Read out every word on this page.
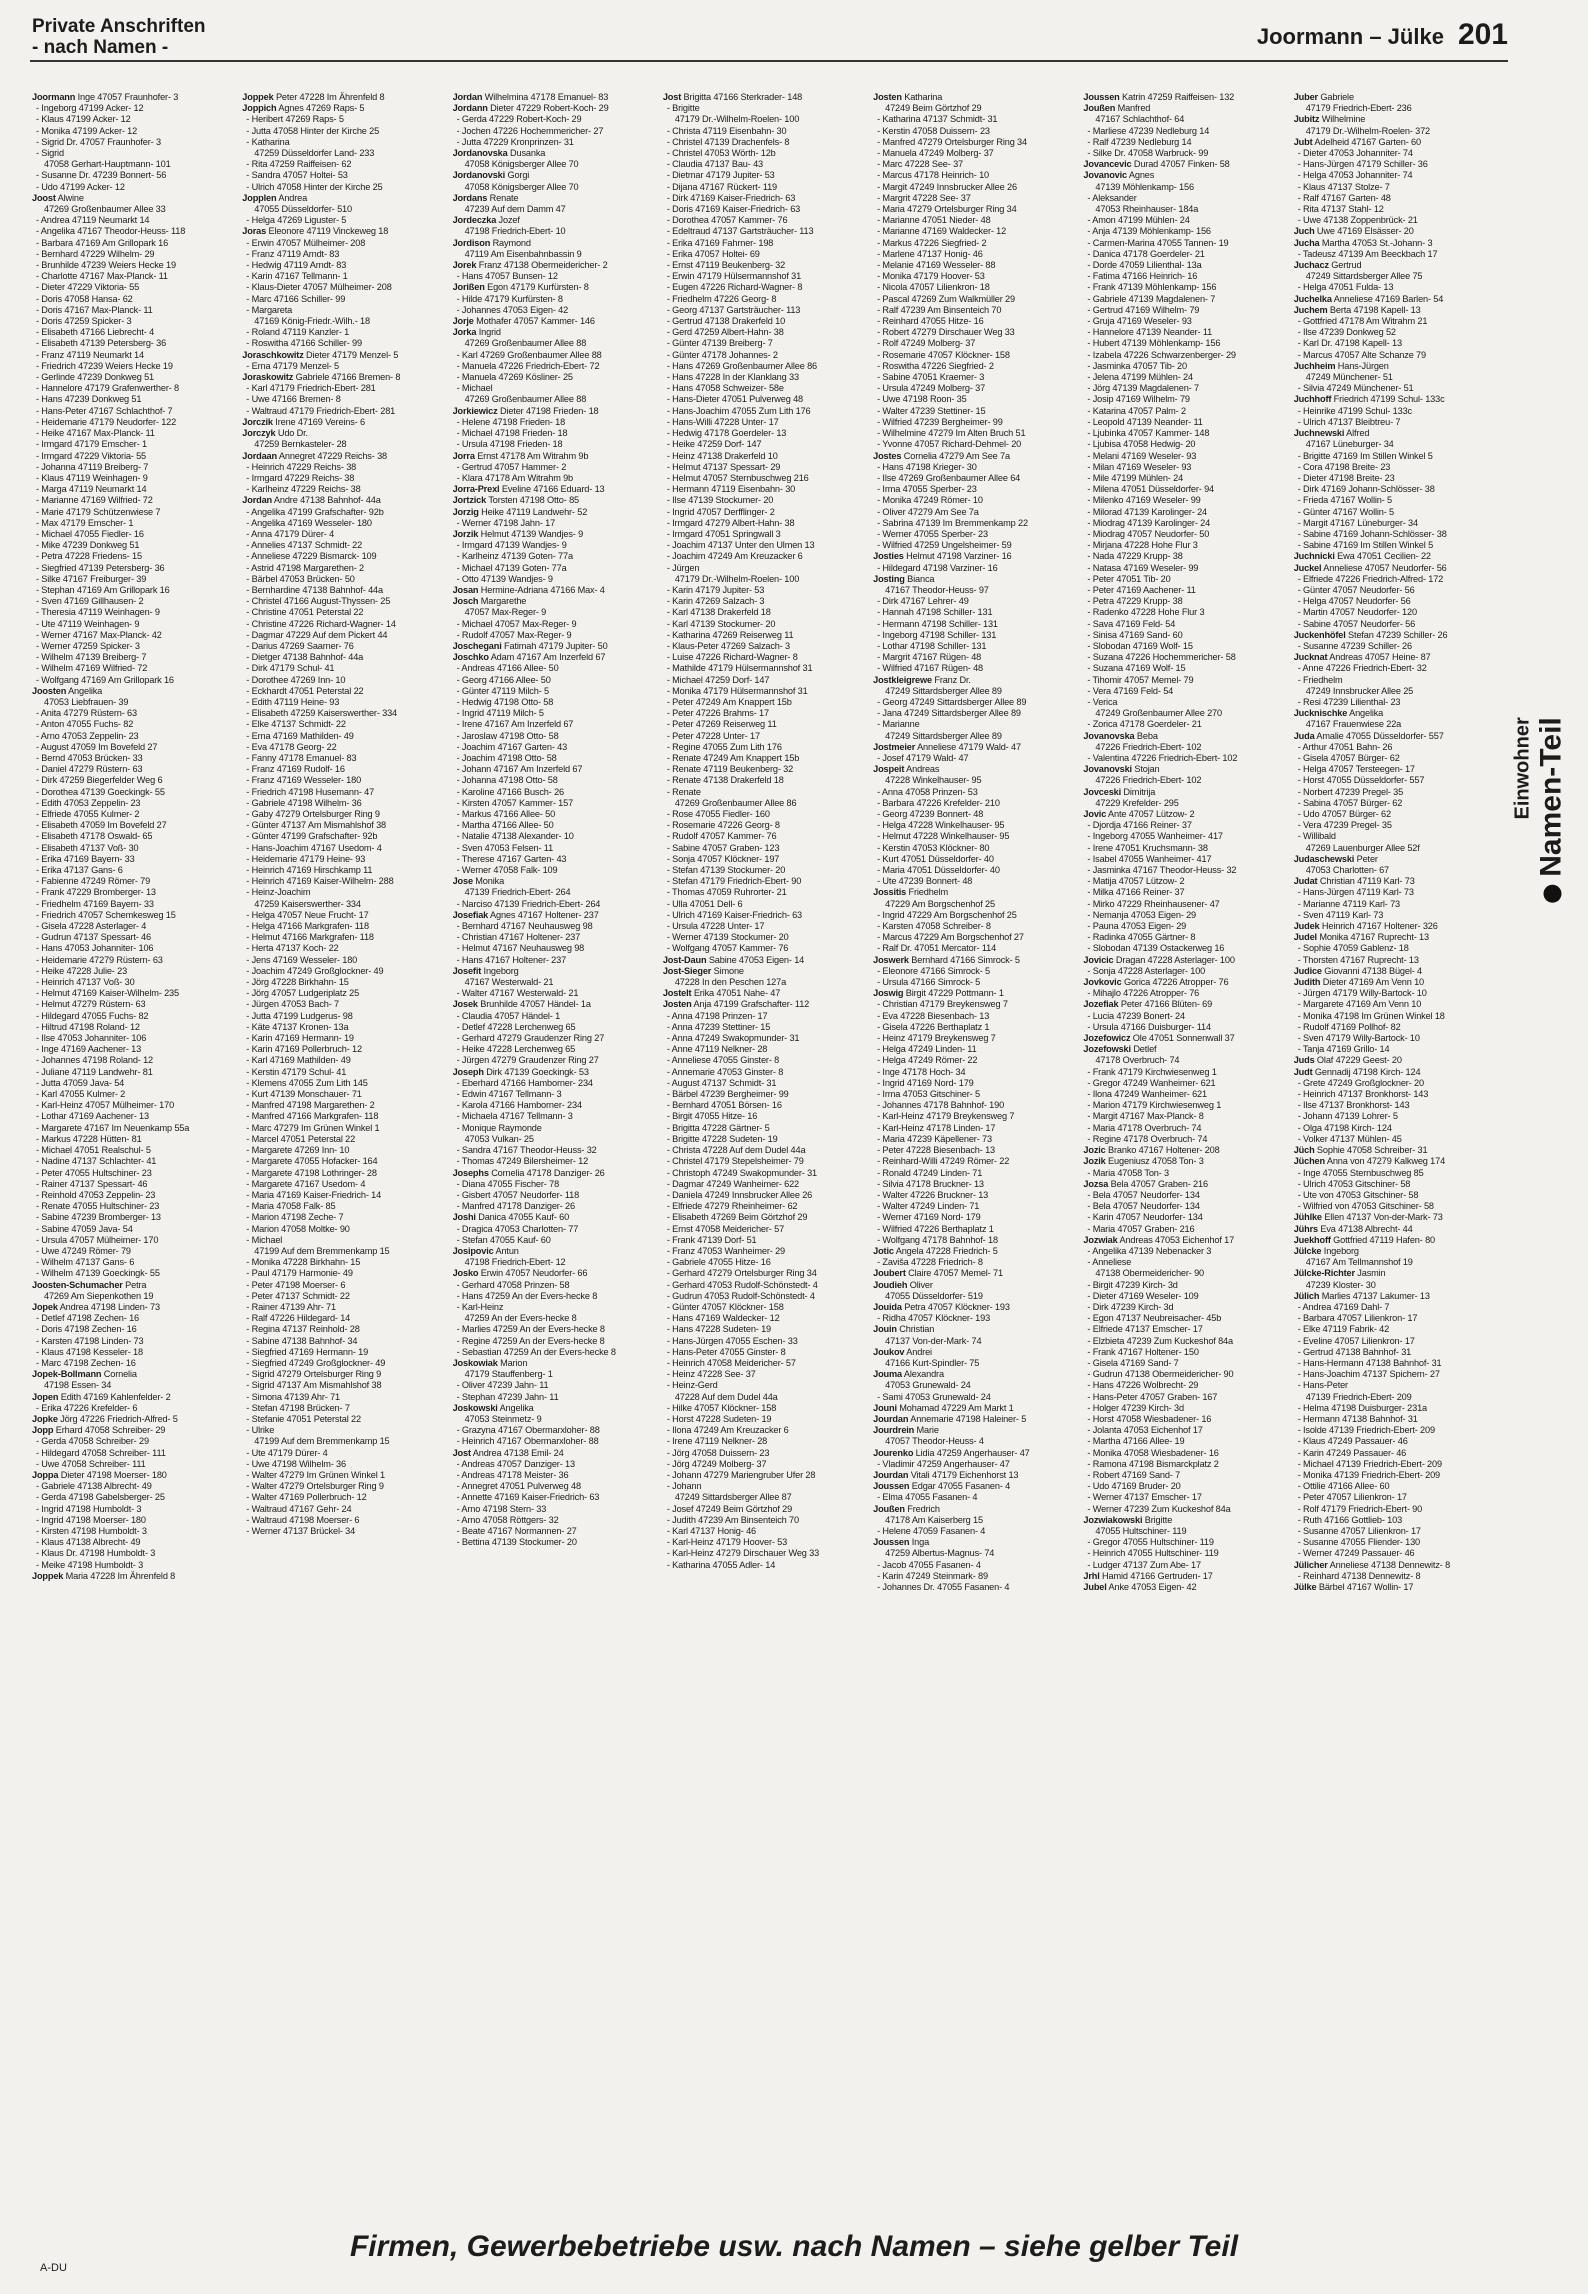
Private Anschriften
- nach Namen -	Joormann – Jülke 201
Joormann Inge 47057 Fraunhofer- 3
- Ingeborg 47199 Acker- 12
- Klaus 47199 Acker- 12
- Monika 47199 Acker- 12
- Sigrid Dr. 47057 Fraunhofer- 3
- Sigrid
47058 Gerhart-Hauptmann- 101
- Susanne Dr. 47239 Bonnert- 56
- Udo 47199 Acker- 12
Joost Alwine
47269 Großenbaumer Allee 33
- Andrea 47119 Neumarkt 14
- Angelika 47167 Theodor-Heuss- 118
- Barbara 47169 Am Grillopark 16
- Bernhard 47229 Wilhelm- 29
- Brunhilde 47239 Weiers Hecke 19
- Charlotte 47167 Max-Planck- 11
- Dieter 47229 Viktoria- 55
- Doris 47058 Hansa- 62
- Doris 47167 Max-Planck- 11
- Doris 47259 Spicker- 3
- Elisabeth 47166 Liebrecht- 4
- Elisabeth 47139 Petersberg- 36
- Franz 47119 Neumarkt 14
- Friedrich 47239 Weiers Hecke 19
- Gerlinde 47239 Donkweg 51
- Hannelore 47179 Grafenwerther- 8
- Hans 47239 Donkweg 51
- Hans-Peter 47167 Schlachthof- 7
- Heidemarie 47179 Neudorfer- 122
- Heike 47167 Max-Planck- 11
- Irmgard 47179 Emscher- 1
- Irmgard 47229 Viktoria- 55
- Johanna 47119 Breiberg- 7
- Klaus 47119 Weinhagen- 9
- Marga 47119 Neumarkt 14
- Marianne 47169 Wilfried- 72
- Marie 47179 Schützenwiese 7
- Max 47179 Emscher- 1
- Michael 47055 Fiedler- 16
- Mike 47239 Donkweg 51
- Petra 47228 Friedens- 15
- Siegfried 47139 Petersberg- 36
- Silke 47167 Freiburger- 39
- Stephan 47169 Am Grillopark 16
- Sven 47169 Gillhausen- 2
- Theresia 47119 Weinhagen- 9
- Ute 47119 Weinhagen- 9
- Werner 47167 Max-Planck- 42
- Werner 47259 Spicker- 3
- Wilhelm 47139 Breiberg- 7
- Wilhelm 47169 Wilfried- 72
- Wolfgang 47169 Am Grillopark 16
Joosten Angelika
47053 Liebfrauen- 39
- Anita 47279 Rüstern- 63
- Anton 47055 Fuchs- 82
- Arno 47053 Zeppelin- 23
- August 47059 Im Bovefeld 27
- Bernd 47053 Brücken- 33
- Daniel 47279 Rüstern- 63
- Dirk 47259 Biegerfelder Weg 6
- Dorothea 47139 Goeckingk- 55
- Edith 47053 Zeppelin- 23
- Elfriede 47055 Kulmer- 2
- Elisabeth 47059 Im Bovefeld 27
- Elisabeth 47178 Oswald- 65
- Elisabeth 47137 Voß- 30
- Erika 47169 Bayern- 33
- Erika 47137 Gans- 6
- Fabienne 47249 Römer- 79
- Frank 47229 Bromberger- 13
- Friedhelm 47169 Bayern- 33
- Friedrich 47057 Schemkesweg 15
- Gisela 47228 Asterlager- 4
- Gudrun 47137 Spessart- 46
- Hans 47053 Johanniter- 106
- Heidemarie 47279 Rüstern- 63
- Heike 47228 Julie- 23
- Heinrich 47137 Voß- 30
- Helmut 47169 Kaiser-Wilhelm- 235
- Helmut 47279 Rüstern- 63
- Hildegard 47055 Fuchs- 82
- Hiltrud 47198 Roland- 12
- Ilse 47053 Johanniter- 106
- Inge 47169 Aachener- 13
- Johannes 47198 Roland- 12
- Juliane 47119 Landwehr- 81
- Jutta 47059 Java- 54
- Karl 47055 Kulmer- 2
- Karl-Heinz 47057 Mülheimer- 170
- Lothar 47169 Aachener- 13
- Margarete 47167 Im Neuenkamp 55a
- Markus 47228 Hütten- 81
- Michael 47051 Realschul- 5
- Nadine 47137 Schlachter- 41
- Peter 47055 Hultschiner- 23
- Rainer 47137 Spessart- 46
- Reinhold 47053 Zeppelin- 23
- Renate 47055 Hultschiner- 23
- Sabine 47239 Bromberger- 13
- Sabine 47059 Java- 54
- Ursula 47057 Mülheimer- 170
- Uwe 47249 Römer- 79
- Wilhelm 47137 Gans- 6
- Wilhelm 47139 Goeckingk- 55
Joosten-Schumacher Petra
47269 Am Siepenkothen 19
Jopek Andrea 47198 Linden- 73
- Detlef 47198 Zechen- 16
- Doris 47198 Zechen- 16
- Karsten 47198 Linden- 73
- Klaus 47198 Kesseler- 18
- Marc 47198 Zechen- 16
Jopek-Bollmann Cornelia
47198 Essen- 34
Jopen Edith 47169 Kahlenfelder- 2
- Erika 47226 Krefelder- 6
Jopke Jörg 47226 Friedrich-Alfred- 5
Jopp Erhard 47058 Schreiber- 29
- Gerda 47058 Schreiber- 29
- Hildegard 47058 Schreiber- 111
- Uwe 47058 Schreiber- 111
Joppa Dieter 47198 Moerser- 180
- Gabriele 47138 Albrecht- 49
- Gerda 47198 Gabelsberger- 25
- Ingrid 47198 Humboldt- 3
- Ingrid 47198 Moerser- 180
- Kirsten 47198 Humboldt- 3
- Klaus 47138 Albrecht- 49
- Klaus Dr. 47198 Humboldt- 3
- Meike 47198 Humboldt- 3
Joppek Maria 47228 Im Ährenfeld 8
Joppek Peter 47228 Im Ährenfeld 8
Joppich Agnes 47269 Raps- 5
- Heribert 47269 Raps- 5
- Jutta 47058 Hinter der Kirche 25
- Katharina
47259 Düsseldorfer Land- 233
- Rita 47259 Raiffeisen- 62
- Sandra 47057 Holtei- 53
- Ulrich 47058 Hinter der Kirche 25
Jopplen Andrea
47055 Düsseldorfer- 510
- Helga 47269 Liguster- 5
Joras Eleonore 47119 Vinckeweg 18
- Erwin 47057 Mülheimer- 208
- Franz 47119 Arndt- 83
- Hedwig 47119 Arndt- 83
- Karin 47167 Tellmann- 1
- Klaus-Dieter 47057 Mülheimer- 208
- Marc 47166 Schiller- 99
- Margareta
47169 König-Friedr.-Wilh.- 18
- Roland 47119 Kanzler- 1
- Roswitha 47166 Schiller- 99
Joraschkowitz Dieter 47179 Menzel- 5
- Erna 47179 Menzel- 5
Joraskowitz Gabriele 47166 Bremen- 8
- Karl 47179 Friedrich-Ebert- 281
- Uwe 47166 Bremen- 8
- Waltraud 47179 Friedrich-Ebert- 281
Jorczik Irene 47169 Vereins- 6
Jorczyk Udo Dr.
47259 Bernkasteler- 28
Jordaan Annegret 47229 Reichs- 38
- Heinrich 47229 Reichs- 38
- Irmgard 47229 Reichs- 38
- Karlheinz 47229 Reichs- 38
Jordan Andre 47138 Bahnhof- 44a
- Angelika 47199 Grafschafter- 92b
- Angelika 47169 Wesseler- 180
- Anna 47179 Dürer- 4
- Annelies 47137 Schmidt- 22
- Anneliese 47229 Bismarck- 109
- Astrid 47198 Margarethen- 2
- Bärbel 47053 Brücken- 50
- Bernhardine 47138 Bahnhof- 44a
- Christel 47166 August-Thyssen- 25
- Christine 47051 Peterstal 22
- Christine 47226 Richard-Wagner- 14
- Dagmar 47229 Auf dem Pickert 44
- Darius 47269 Saarner- 76
- Dietger 47138 Bahnhof- 44a
- Dirk 47179 Schul- 41
- Dorothee 47269 Inn- 10
- Eckhardt 47051 Peterstal 22
- Edith 47119 Heine- 93
- Elisabeth 47259 Kaiserswerther- 334
- Elke 47137 Schmidt- 22
- Erna 47169 Mathilden- 49
- Eva 47178 Georg- 22
- Fanny 47178 Emanuel- 83
- Franz 47169 Rudolf- 16
- Franz 47169 Wesseler- 180
- Friedrich 47198 Husemann- 47
- Gabriele 47198 Wilhelm- 36
- Gaby 47279 Ortelsburger Ring 9
- Günter 47137 Am Mismahlshof 38
- Günter 47199 Grafschafter- 92b
- Hans-Joachim 47167 Usedom- 4
- Heidemarie 47179 Heine- 93
- Heinrich 47169 Hirschkamp 11
- Heinrich 47169 Kaiser-Wilhelm- 288
- Heinz-Joachim
47259 Kaiserswerther- 334
- Helga 47057 Neue Frucht- 17
- Helga 47166 Markgrafen- 118
- Helmut 47166 Markgrafen- 118
- Herta 47137 Koch- 22
- Jens 47169 Wesseler- 180
- Joachim 47249 Großglockner- 49
- Jörg 47228 Birkhahn- 15
- Jörg 47057 Ludgeriplatz 25
- Jürgen 47053 Bach- 7
- Jutta 47199 Ludgerus- 98
- Käte 47137 Kronen- 13a
- Karin 47169 Hermann- 19
- Karin 47169 Pollerbruch- 12
- Karl 47169 Mathilden- 49
- Kerstin 47179 Schul- 41
- Klemens 47055 Zum Lith 145
- Kurt 47139 Monschauer- 71
- Manfred 47198 Margarethen- 2
- Manfred 47166 Markgrafen- 118
- Marc 47279 Im Grünen Winkel 1
- Marcel 47051 Peterstal 22
- Margarete 47269 Inn- 10
- Margarete 47055 Hofacker- 164
- Margarete 47198 Lothringer- 28
- Margarete 47167 Usedom- 4
- Maria 47169 Kaiser-Friedrich- 14
- Maria 47058 Falk- 85
- Marion 47198 Zeche- 7
- Marion 47058 Moltke- 90
- Michael
47199 Auf dem Bremmenkamp 15
- Monika 47228 Birkhahn- 15
- Paul 47179 Harmonie- 49
- Peter 47198 Moerser- 6
- Peter 47137 Schmidt- 22
- Rainer 47139 Ahr- 71
- Ralf 47226 Hildegard- 14
- Regina 47137 Reinhold- 28
- Sabine 47138 Bahnhof- 34
- Siegfried 47169 Hermann- 19
- Siegfried 47249 Großglockner- 49
- Sigrid 47279 Ortelsburger Ring 9
- Sigrid 47137 Am Mismahlshof 38
- Simona 47139 Ahr- 71
- Stefan 47198 Brücken- 7
- Stefanie 47051 Peterstal 22
- Ulrike
47199 Auf dem Bremmenkamp 15
- Ute 47179 Dürer- 4
- Uwe 47198 Wilhelm- 36
- Walter 47279 Im Grünen Winkel 1
- Walter 47279 Ortelsburger Ring 9
- Walter 47169 Pollerbruch- 12
- Waltraud 47167 Gehr- 24
- Waltraud 47198 Moerser- 6
- Werner 47137 Brückel- 34
Jordan Wilhelmina 47178 Emanuel- 83
Jordann Dieter 47229 Robert-Koch- 29
- Gerda 47229 Robert-Koch- 29
- Jochen 47226 Hochemmericher- 27
- Jutta 47229 Kronprinzen- 31
Jordanovska Dusanka
47058 Königsberger Allee 70
Jordanovski Gorgi
47058 Königsberger Allee 70
Jordans Renate
47239 Auf dem Damm 47
Jordeczka Jozef
47198 Friedrich-Ebert- 10
Jordison Raymond
47119 Am Eisenbahnbassin 9
Jorek Franz 47138 Obermeidericher- 2
- Hans 47057 Bunsen- 12
Jorißen Egon 47179 Kurfürsten- 8
- Hilde 47179 Kurfürsten- 8
- Johannes 47053 Eigen- 42
Jorje Mothafer 47057 Kammer- 146
Jorka Ingrid
47269 Großenbaumer Allee 88
- Karl 47269 Großenbaumer Allee 88
- Manuela 47226 Friedrich-Ebert- 72
- Manuela 47269 Kösliner- 25
- Michael
47269 Großenbaumer Allee 88
Jorkiewicz Dieter 47198 Frieden- 18
- Helene 47198 Frieden- 18
- Michael 47198 Frieden- 18
- Ursula 47198 Frieden- 18
Jorra Ernst 47178 Am Witrahm 9b
- Gertrud 47057 Hammer- 2
- Klara 47178 Am Witrahm 9b
Jorra-Prexl Eveline 47166 Eduard- 13
Jortzick Torsten 47198 Otto- 85
Jorzig Heike 47119 Landwehr- 52
- Werner 47198 Jahn- 17
Jorzik Helmut 47139 Wandjes- 9
- Irmgard 47139 Wandjes- 9
- Karlheinz 47139 Goten- 77a
- Michael 47139 Goten- 77a
- Otto 47139 Wandjes- 9
Josan Hermine-Adriana 47166 Max- 4
Josch Margarethe
47057 Max-Reger- 9
- Michael 47057 Max-Reger- 9
- Rudolf 47057 Max-Reger- 9
Joschegani Fatimah 47179 Jupiter- 50
Joschko Adam 47167 Am Inzerfeld 67
- Andreas 47166 Allee- 50
- Georg 47166 Allee- 50
- Günter 47119 Milch- 5
- Hedwig 47198 Otto- 58
- Ingrid 47119 Milch- 5
- Irene 47167 Am Inzerfeld 67
- Jaroslaw 47198 Otto- 58
- Joachim 47167 Garten- 43
- Joachim 47198 Otto- 58
- Johann 47167 Am Inzerfeld 67
- Johanna 47198 Otto- 58
- Karoline 47166 Busch- 26
- Kirsten 47057 Kammer- 157
- Markus 47166 Allee- 50
- Martha 47166 Allee- 50
- Natalie 47138 Alexander- 10
- Sven 47053 Felsen- 11
- Therese 47167 Garten- 43
- Werner 47058 Falk- 109
Jose Monika
47139 Friedrich-Ebert- 264
- Narciso 47139 Friedrich-Ebert- 264
Josefiak Agnes 47167 Holtener- 237
- Bernhard 47167 Neuhausweg 98
- Christian 47167 Holtener- 237
- Helmut 47167 Neuhausweg 98
- Hans 47167 Holtener- 237
Josefit Ingeborg
47167 Westerwald- 21
- Walter 47167 Westerwald- 21
Josek Brunhilde 47057 Händel- 1a
- Claudia 47057 Händel- 1
- Detlef 47228 Lerchenweg 65
- Gerhard 47279 Graudenzer Ring 27
- Heike 47228 Lerchenweg 65
- Jürgen 47279 Graudenzer Ring 27
Joseph Dirk 47139 Goeckingk- 53
- Eberhard 47166 Hamborner- 234
- Edwin 47167 Tellmann- 3
- Karola 47166 Hamborner- 234
- Michaela 47167 Tellmann- 3
- Monique Raymonde
47053 Vulkan- 25
- Sandra 47167 Theodor-Heuss- 32
- Thomas 47249 Bilersheimer- 12
Josephs Cornelia 47178 Danziger- 26
- Diana 47055 Fischer- 78
- Gisbert 47057 Neudorfer- 118
- Manfred 47178 Danziger- 26
Joshi Danica 47055 Kauf- 60
- Dragica 47053 Charlotten- 77
- Stefan 47055 Kauf- 60
Josipovic Antun
47198 Friedrich-Ebert- 12
Josko Erwin 47057 Neudorfer- 66
- Gerhard 47058 Prinzen- 58
- Hans 47259 An der Evers-hecke 8
- Karl-Heinz
47259 An der Evers-hecke 8
- Marlies 47259 An der Evers-hecke 8
- Regine 47259 An der Evers-hecke 8
- Sebastian 47259 An der Evers-hecke 8
Joskowiak Marion
47179 Stauffenberg- 1
- Oliver 47239 Jahn- 11
- Stephan 47239 Jahn- 11
Joskowski Angelika
47053 Steinmetz- 9
- Grazyna 47167 Obermarxloher- 88
- Heinrich 47167 Obermarxloher- 88
Jost Andrea 47138 Emil- 24
- Andreas 47057 Danziger- 13
- Andreas 47178 Meister- 36
- Annegret 47051 Pulverweg 48
- Annette 47169 Kaiser-Friedrich- 63
- Arno 47198 Stern- 33
- Arno 47058 Röttgers- 32
- Beate 47167 Normannen- 27
- Bettina 47139 Stockumer- 20
Jost Brigitta 47166 Sterkrader- 148
- Brigitte
47179 Dr.-Wilhelm-Roelen- 100
- Christa 47119 Eisenbahn- 30
- Christel 47139 Drachenfels- 8
- Christel 47053 Wörth- 12b
- Claudia 47137 Bau- 43
- Dietmar 47179 Jupiter- 53
- Dijana 47167 Rückert- 119
- Dirk 47169 Kaiser-Friedrich- 63
- Doris 47169 Kaiser-Friedrich- 63
- Dorothea 47057 Kammer- 76
- Edeltraud 47137 Gartsträucher- 113
- Erika 47169 Fahrner- 198
- Erika 47057 Holtei- 69
- Ernst 47119 Beukenberg- 32
- Erwin 47179 Hülsermannshof 31
- Eugen 47226 Richard-Wagner- 8
- Friedhelm 47226 Georg- 8
- Georg 47137 Gartsträucher- 113
- Gertrud 47138 Drakerfeld 10
- Gerd 47259 Albert-Hahn- 38
- Günter 47139 Breiberg- 7
- Günter 47178 Johannes- 2
- Hans 47269 Großenbaumer Allee 86
- Hans 47228 In der Klanklang 33
- Hans 47058 Schweizer- 58e
- Hans-Dieter 47051 Pulverweg 48
- Hans-Joachim 47055 Zum Lith 176
- Hans-Willi 47228 Unter- 17
- Hedwig 47178 Goerdeler- 13
- Heike 47259 Dorf- 147
- Heinz 47138 Drakerfeld 10
- Helmut 47137 Spessart- 29
- Helmut 47057 Sternbuschweg 216
- Hermann 47119 Eisenbahn- 30
- Ilse 47139 Stockumer- 20
- Ingrid 47057 Derfflinger- 2
- Irmgard 47279 Albert-Hahn- 38
- Irmgard 47051 Springwall 3
- Joachim 47137 Unter den Ulmen 13
- Joachim 47249 Am Kreuzacker 6
- Jürgen
47179 Dr.-Wilhelm-Roelen- 100
- Karin 47179 Jupiter- 53
- Karin 47269 Salzach- 3
- Karl 47138 Drakerfeld 18
- Karl 47139 Stockumer- 20
- Katharina 47269 Reiserweg 11
- Klaus-Peter 47269 Salzach- 3
- Luise 47226 Richard-Wagner- 8
- Mathilde 47179 Hülsermannshof 31
- Michael 47259 Dorf- 147
- Monika 47179 Hülsermannshof 31
- Peter 47249 Am Knappert 15b
- Peter 47226 Brahms- 17
- Peter 47269 Reiserweg 11
- Peter 47228 Unter- 17
- Regine 47055 Zum Lith 176
- Renate 47249 Am Knappert 15b
- Renate 47119 Beukenberg- 32
- Renate 47138 Drakerfeld 18
- Renate
47269 Großenbaumer Allee 86
- Rose 47055 Fiedler- 160
- Rosemarie 47226 Georg- 8
- Rudolf 47057 Kammer- 76
- Sabine 47057 Graben- 123
- Sonja 47057 Klöckner- 197
- Stefan 47139 Stockumer- 20
- Stefan 47179 Friedrich-Ebert- 90
- Thomas 47059 Ruhrorter- 21
- Ulla 47051 Dell- 6
- Ulrich 47169 Kaiser-Friedrich- 63
- Ursula 47228 Unter- 17
- Werner 47139 Stockumer- 20
- Wolfgang 47057 Kammer- 76
Jost-Daun Sabine 47053 Eigen- 14
Jost-Sieger Simone
47228 In den Peschen 127a
Jostelt Erika 47051 Nahe- 47
Josten Anja 47199 Grafschafter- 112
- Anna 47198 Prinzen- 17
- Anna 47239 Stettiner- 15
- Anna 47249 Swakopmunder- 31
- Anne 47119 Nelkner- 28
- Anneliese 47055 Ginster- 8
- Annemarie 47053 Ginster- 8
- August 47137 Schmidt- 31
- Bärbel 47239 Bergheimer- 99
- Bernhard 47051 Börsen- 16
- Birgit 47055 Hitze- 16
- Brigitta 47228 Gärtner- 5
- Brigitte 47228 Sudeten- 19
- Christa 47228 Auf dem Dudel 44a
- Christel 47179 Stepelsheimer- 79
- Christoph 47249 Swakopmunder- 31
- Dagmar 47249 Wanheimer- 622
- Daniela 47249 Innsbrucker Allee 26
- Elfriede 47279 Rheinheimer- 62
- Elisabeth 47269 Beim Görtzhof 29
- Ernst 47058 Meidericher- 57
- Frank 47139 Dorf- 51
- Franz 47053 Wanheimer- 29
- Gabriele 47055 Hitze- 16
- Gerhard 47279 Ortelsburger Ring 34
- Gerhard 47053 Rudolf-Schönstedt- 4
- Gudrun 47053 Rudolf-Schönstedt- 4
- Günter 47057 Klöckner- 158
- Hans 47169 Waldecker- 12
- Hans 47228 Sudeten- 19
- Hans-Jürgen 47055 Eschen- 33
- Hans-Peter 47055 Ginster- 8
- Heinrich 47058 Meidericher- 57
- Heinz 47228 See- 37
- Heinz-Gerd
47228 Auf dem Dudel 44a
- Hilke 47057 Klöckner- 158
- Horst 47228 Sudeten- 19
- Ilona 47249 Am Kreuzacker 6
- Irene 47119 Nelkner- 28
- Jörg 47058 Duissern- 23
- Jörg 47249 Molberg- 37
- Johann 47279 Mariengruber Ufer 28
- Johann
47249 Sittardsberger Allee 87
- Josef 47249 Beim Görtzhof 29
- Judith 47239 Am Binsenteich 70
- Karl 47137 Honig- 46
- Karl-Heinz 47179 Hoover- 53
- Karl-Heinz 47279 Dirschauer Weg 33
- Katharina 47055 Adler- 14
Josten Katharina
47249 Beim Görtzhof 29
- Katharina 47137 Schmidt- 31
- Kerstin 47058 Duissern- 23
- Manfred 47279 Ortelsburger Ring 34
- Manuela 47249 Molberg- 37
- Marc 47228 See- 37
- Marcus 47178 Heinrich- 10
- Margit 47249 Innsbrucker Allee 26
- Margrit 47228 See- 37
- Maria 47279 Ortelsburger Ring 34
- Marianne 47051 Nieder- 48
- Marianne 47169 Waldecker- 12
- Markus 47226 Siegfried- 2
- Marlene 47137 Honig- 46
- Melanie 47169 Wesseler- 88
- Monika 47179 Hoover- 53
- Nicola 47057 Lilienkron- 18
- Pascal 47269 Zum Walkmüller 29
- Ralf 47239 Am Binsenteich 70
- Reinhard 47055 Hitze- 16
- Robert 47279 Dirschauer Weg 33
- Rolf 47249 Molberg- 37
- Rosemarie 47057 Klöckner- 158
- Roswitha 47226 Siegfried- 2
- Sabine 47051 Kraemer- 3
- Ursula 47249 Molberg- 37
- Uwe 47198 Roon- 35
- Walter 47239 Stettiner- 15
- Wilfried 47239 Bergheimer- 99
- Wilhelmine 47279 Im Alten Bruch 51
- Yvonne 47057 Richard-Dehmel- 20
Jostes Cornelia 47279 Am See 7a
- Hans 47198 Krieger- 30
- Ilse 47269 Großenbaumer Allee 64
- Irma 47055 Sperber- 23
- Monika 47249 Römer- 10
- Oliver 47279 Am See 7a
- Sabrina 47139 Im Bremmenkamp 22
- Werner 47055 Sperber- 23
- Wilfried 47259 Ungelsheimer- 59
Josties Helmut 47198 Varziner- 16
- Hildegard 47198 Varziner- 16
Josting Bianca
47167 Theodor-Heuss- 97
- Dirk 47167 Lehrer- 49
- Hannah 47198 Schiller- 131
- Hermann 47198 Schiller- 131
- Ingeborg 47198 Schiller- 131
- Lothar 47198 Schiller- 131
- Margrit 47167 Rügen- 48
- Wilfried 47167 Rügen- 48
Jostkleigrewe Franz Dr.
47249 Sittardsberger Allee 89
- Georg 47249 Sittardsberger Allee 89
- Jana 47249 Sittardsberger Allee 89
- Marianne
47249 Sittardsberger Allee 89
Jostmeier Anneliese 47179 Wald- 47
- Josef 47179 Wald- 47
Jospeit Andreas
47228 Winkelhauser- 95
- Anna 47058 Prinzen- 53
- Barbara 47226 Krefelder- 210
- Georg 47239 Bonnert- 48
- Helga 47228 Winkelhauser- 95
- Helmut 47228 Winkelhauser- 95
- Kerstin 47053 Klöckner- 80
- Kurt 47051 Düsseldorfer- 40
- Maria 47051 Düsseldorfer- 40
- Ute 47239 Bonnert- 48
Jossitis Friedhelm
47229 Am Borgschenhof 25
- Ingrid 47229 Am Borgschenhof 25
- Karsten 47058 Schreiber- 8
- Marcus 47229 Am Borgschenhof 27
- Ralf Dr. 47051 Mercator- 114
Joswerk Bernhard 47166 Simrock- 5
- Eleonore 47166 Simrock- 5
- Ursula 47166 Simrock- 5
Joswig Birgit 47229 Pottmann- 1
- Christian 47179 Breykensweg 7
- Eva 47228 Biesenbach- 13
- Gisela 47226 Berthaplatz 1
- Heinz 47179 Breykensweg 7
- Helga 47249 Linden- 11
- Helga 47249 Römer- 22
- Inge 47178 Hoch- 34
- Ingrid 47169 Nord- 179
- Irma 47053 Gitschiner- 5
- Johannes 47178 Bahnhof- 190
- Karl-Heinz 47179 Breykensweg 7
- Karl-Heinz 47178 Linden- 17
- Maria 47239 Käpellener- 73
- Peter 47228 Biesenbach- 13
- Reinhard-Willi 47249 Römer- 22
- Ronald 47249 Linden- 71
- Silvia 47178 Bruckner- 13
- Walter 47226 Bruckner- 13
- Walter 47249 Linden- 71
- Werner 47169 Nord- 179
- Wilfried 47226 Berthaplatz 1
- Wolfgang 47178 Bahnhof- 18
Jotic Angela 47228 Friedrich- 5
- Zaviša 47228 Friedrich- 8
Joubert Claire 47057 Memel- 71
Joudieh Oliver
47055 Düsseldorfer- 519
Jouida Petra 47057 Klöckner- 193
- Ridha 47057 Klöckner- 193
Jouin Christian
47137 Von-der-Mark- 74
Joukov Andrei
47166 Kurt-Spindler- 75
Jouma Alexandra
47053 Grunewald- 24
- Sami 47053 Grunewald- 24
Jouni Mohamad 47229 Am Markt 1
Jourdan Annemarie 47198 Haleiner- 5
Jourdrein Marie
47057 Theodor-Heuss- 4
Jourenko Lidia 47259 Angerhauser- 47
- Vladimir 47259 Angerhauser- 47
Jourdan Vitali 47179 Eichenhorst 13
Joussen Edgar 47055 Fasanen- 4
- Elma 47055 Fasanen- 4
Joußen Fredrich
47178 Am Kaiserberg 15
- Helene 47059 Fasanen- 4
Joussen Inga
47259 Albertus-Magnus- 74
- Jacob 47055 Fasanen- 4
- Karin 47249 Steinmark- 89
- Johannes Dr. 47055 Fasanen- 4
Joussen Katrin 47259 Raiffeisen- 132
Joußen Manfred
47167 Schlachthof- 64
- Marliese 47239 Nedleburg 14
- Ralf 47239 Nedleburg 14
- Silke Dr. 47058 Warbruck- 99
Jovancevic Durad 47057 Finken- 58
Jovanovic Agnes
47139 Möhlenkamp- 156
- Aleksander
47053 Rheinhauser- 184a
- Amon 47199 Mühlen- 24
- Anja 47139 Möhlenkamp- 156
- Carmen-Marina 47055 Tannen- 19
- Danica 47178 Goerdeler- 21
- Dorde 47059 Lilienthal- 13a
- Fatima 47166 Heinrich- 16
- Frank 47139 Möhlenkamp- 156
- Gabriele 47139 Magdalenen- 7
- Gertrud 47169 Wilhelm- 79
- Gruja 47169 Weseler- 93
- Hannelore 47139 Neander- 11
- Hubert 47139 Möhlenkamp- 156
- Izabela 47226 Schwarzenberger- 29
- Jasminka 47057 Tib- 20
- Jelena 47199 Mühlen- 24
- Jörg 47139 Magdalenen- 7
- Josip 47169 Wilhelm- 79
- Katarina 47057 Palm- 2
- Leopold 47139 Neander- 11
- Ljubinka 47057 Kammer- 148
- Ljubisa 47058 Hedwig- 20
- Melani 47169 Weseler- 93
- Milan 47169 Weseler- 93
- Mile 47199 Mühlen- 24
- Milena 47051 Düsseldorfer- 94
- Milenko 47169 Weseler- 99
- Milorad 47139 Karolinger- 24
- Miodrag 47139 Karolinger- 24
- Miodrag 47057 Neudorfer- 50
- Mirjana 47228 Hohe Flur 3
- Nada 47229 Krupp- 38
- Natasa 47169 Weseler- 99
- Peter 47051 Tib- 20
- Peter 47169 Aachener- 11
- Petra 47229 Krupp- 38
- Radenko 47228 Hohe Flur 3
- Sava 47169 Feld- 54
- Sinisa 47169 Sand- 60
- Slobodan 47169 Wolf- 15
- Suzana 47226 Hochemmericher- 58
- Suzana 47169 Wolf- 15
- Tihomir 47057 Memel- 79
- Vera 47169 Feld- 54
- Verica
47249 Großenbaumer Allee 270
- Zorica 47178 Goerdeler- 21
Jovanovska Beba
47226 Friedrich-Ebert- 102
- Valentina 47226 Friedrich-Ebert- 102
Jovanovski Stojan
47226 Friedrich-Ebert- 102
Jovceski Dimitrija
47229 Krefelder- 295
Jovic Ante 47057 Lützow- 2
- Djordja 47166 Reiner- 37
- Ingeborg 47055 Wanheimer- 417
- Irene 47051 Kruchsmann- 38
- Isabel 47055 Wanheimer- 417
- Jasminka 47167 Theodor-Heuss- 32
- Matija 47057 Lützow- 2
- Milka 47166 Reiner- 37
- Mirko 47229 Rheinhausener- 47
- Nemanja 47053 Eigen- 29
- Pauna 47053 Eigen- 29
- Radinka 47055 Gärtner- 8
- Slobodan 47139 Ostackerweg 16
Jovicic Dragan 47228 Asterlager- 100
- Sonja 47228 Asterlager- 100
Jovkovic Gorica 47226 Atropper- 76
- Mihajlo 47226 Atropper- 76
Jozefiak Peter 47166 Blüten- 69
- Lucia 47239 Bonert- 24
- Ursula 47166 Duisburger- 114
Jozefowicz Ole 47051 Sonnenwall 37
Jozefowski Detlef
47178 Overbruch- 74
- Frank 47179 Kirchwiesenweg 1
- Gregor 47249 Wanheimer- 621
- Ilona 47249 Wanheimer- 621
- Marion 47179 Kirchwiesenweg 1
- Margit 47167 Max-Planck- 8
- Maria 47178 Overbruch- 74
- Regine 47178 Overbruch- 74
Jozic Branko 47167 Holtener- 208
Jozik Eugeniusz 47058 Ton- 3
- Maria 47058 Ton- 3
Jozsa Bela 47057 Graben- 216
- Bela 47057 Neudorfer- 134
- Bela 47057 Neudorfer- 134
- Karin 47057 Neudorfer- 134
- Maria 47057 Graben- 216
Jozwiak Andreas 47053 Eichenhof 17
- Angelika 47139 Nebenacker 3
- Anneliese
47138 Obermeidericher- 90
- Birgit 47239 Kirch- 3d
- Dieter 47169 Weseler- 109
- Dirk 47239 Kirch- 3d
- Egon 47137 Neubreisacher- 45b
- Elfriede 47137 Emscher- 17
- Elzbieta 47239 Zum Kuckeshof 84a
- Frank 47167 Holtener- 150
- Gisela 47169 Sand- 7
- Gudrun 47138 Obermeidericher- 90
- Hans 47226 Wolbrecht- 29
- Hans-Peter 47057 Graben- 167
- Holger 47239 Kirch- 3d
- Horst 47058 Wiesbadener- 16
- Jolanta 47053 Eichenhof 17
- Martha 47166 Allee- 19
- Monika 47058 Wiesbadener- 16
- Ramona 47198 Bismarckplatz 2
- Robert 47169 Sand- 7
- Udo 47169 Bruder- 20
- Werner 47137 Emscher- 17
- Werner 47239 Zum Kuckeshof 84a
Jozwiakowski Brigitte
47055 Hultschiner- 119
- Gregor 47055 Hultschiner- 119
- Heinrich 47055 Hultschiner- 119
- Ludger 47137 Zum Abe- 17
Jrhl Hamid 47166 Gertruden- 17
Jubel Anke 47053 Eigen- 42
Juber Gabriele
47179 Friedrich-Ebert- 236
Jubitz Wilhelmine
47179 Dr.-Wilhelm-Roelen- 372
Jubt Adelheid 47167 Garten- 60
- Dieter 47053 Johanniter- 74
- Hans-Jürgen 47179 Schiller- 36
- Helga 47053 Johanniter- 74
- Klaus 47137 Stolze- 7
- Ralf 47167 Garten- 48
- Rita 47137 Stahl- 12
- Uwe 47138 Zoppenbrück- 21
Juch Uwe 47169 Elsässer- 20
Jucha Martha 47053 St.-Johann- 3
- Tadeusz 47139 Am Beeckbach 17
Juchacz Gertrud
47249 Sittardsberger Allee 75
- Helga 47051 Fulda- 13
Juchelka Anneliese 47169 Barlen- 54
Juchem Berta 47198 Kapell- 13
- Gottfried 47178 Am Witrahm 21
- Ilse 47239 Donkweg 52
- Karl Dr. 47198 Kapell- 13
- Marcus 47057 Alte Schanze 79
Juchheim Hans-Jürgen
47249 Münchener- 51
- Silvia 47249 Münchener- 51
Juchhoff Friedrich 47199 Schul- 133c
- Heinrike 47199 Schul- 133c
- Ulrich 47137 Bleibtreu- 7
Juchnewski Alfred
47167 Lüneburger- 34
- Brigitte 47169 Im Stillen Winkel 5
- Cora 47198 Breite- 23
- Dieter 47198 Breite- 23
- Dirk 47169 Johann-Schlösser- 38
- Frieda 47167 Wollin- 5
- Günter 47167 Wollin- 5
- Margit 47167 Lüneburger- 34
- Sabine 47169 Johann-Schlösser- 38
- Sabine 47169 Im Stillen Winkel 5
Juchnicki Ewa 47051 Cecilien- 22
Juckel Anneliese 47057 Neudorfer- 56
- Elfriede 47226 Friedrich-Alfred- 172
- Günter 47057 Neudorfer- 56
- Helga 47057 Neudorfer- 56
- Martin 47057 Neudorfer- 120
- Sabine 47057 Neudorfer- 56
Juckenhöfel Stefan 47239 Schiller- 26
- Susanne 47239 Schiller- 26
Jucknat Andreas 47057 Heine- 87
- Anne 47226 Friedrich-Ebert- 32
- Friedhelm
47249 Innsbrucker Allee 25
- Resi 47239 Lilienthal- 23
Jucknischke Angelika
47167 Frauenwiese 22a
Juda Amalie 47055 Düsseldorfer- 557
- Arthur 47051 Bahn- 26
- Gisela 47057 Bürger- 62
- Helga 47057 Tersteegen- 17
- Horst 47055 Düsseldorfer- 557
- Norbert 47239 Pregel- 35
- Sabina 47057 Bürger- 62
- Udo 47057 Bürger- 62
- Vera 47239 Pregel- 35
- Willibald
47269 Lauenburger Allee 52f
Judaschewski Peter
47053 Charlotten- 67
Judat Christian 47119 Karl- 73
- Hans-Jürgen 47119 Karl- 73
- Marianne 47119 Karl- 73
- Sven 47119 Karl- 73
Judek Heinrich 47167 Holtener- 326
Judel Monika 47167 Ruprecht- 13
- Sophie 47059 Gablenz- 18
- Thorsten 47167 Ruprecht- 13
Judice Giovanni 47138 Bügel- 4
Judith Dieter 47169 Am Venn 10
- Jürgen 47179 Willy-Bartock- 10
- Margarete 47169 Am Venn 10
- Monika 47198 Im Grünen Winkel 18
- Rudolf 47169 Pollhof- 82
- Sven 47179 Willy-Bartock- 10
- Tanja 47169 Grillo- 14
Juds Olaf 47229 Geest- 20
Judt Gennadij 47198 Kirch- 124
- Grete 47249 Großglockner- 20
- Heinrich 47137 Bronkhorst- 143
- Ilse 47137 Bronkhorst- 143
- Johann 47139 Lohrer- 5
- Olga 47198 Kirch- 124
- Volker 47137 Mühlen- 45
Jüch Sophie 47058 Schreiber- 31
Jüchen Anna von 47279 Kalkweg 174
- Inge 47055 Sternbuschweg 85
- Ulrich 47053 Gitschiner- 58
- Ute von 47053 Gitschiner- 58
- Wilfried von 47053 Gitschiner- 58
Jühlke Ellen 47137 Von-der-Mark- 73
Jührs Eva 47138 Albrecht- 44
Juekhoff Gottfried 47119 Hafen- 80
Jülcke Ingeborg
47167 Am Tellmannshof 19
Jülcke-Richter Jasmin
47239 Kloster- 30
Jülich Marlies 47137 Lakumer- 13
- Andrea 47169 Dahl- 7
- Barbara 47057 Lilienkron- 17
- Elke 47119 Fabrik- 42
- Eveline 47057 Lilienkron- 17
- Gertrud 47138 Bahnhof- 31
- Hans-Hermann 47138 Bahnhof- 31
- Hans-Joachim 47137 Spichern- 27
- Hans-Peter
47139 Friedrich-Ebert- 209
- Helma 47198 Duisburger- 231a
- Hermann 47138 Bahnhof- 31
- Isolde 47139 Friedrich-Ebert- 209
- Klaus 47249 Passauer- 46
- Karin 47249 Passauer- 46
- Michael 47139 Friedrich-Ebert- 209
- Monika 47139 Friedrich-Ebert- 209
- Ottilie 47166 Allee- 60
- Peter 47057 Lilienkron- 17
- Rolf 47179 Friedrich-Ebert- 90
- Ruth 47166 Gottlieb- 103
- Susanne 47057 Lilienkron- 17
- Susanne 47055 Fliender- 130
- Werner 47249 Passauer- 46
Jülicher Anneliese 47138 Dennewitz- 8
- Reinhard 47138 Dennewitz- 8
Jülke Bärbel 47167 Wollin- 17
Einwohner Namen-Teil
Firmen, Gewerbebetriebe usw. nach Namen – siehe gelber Teil
A-DU
